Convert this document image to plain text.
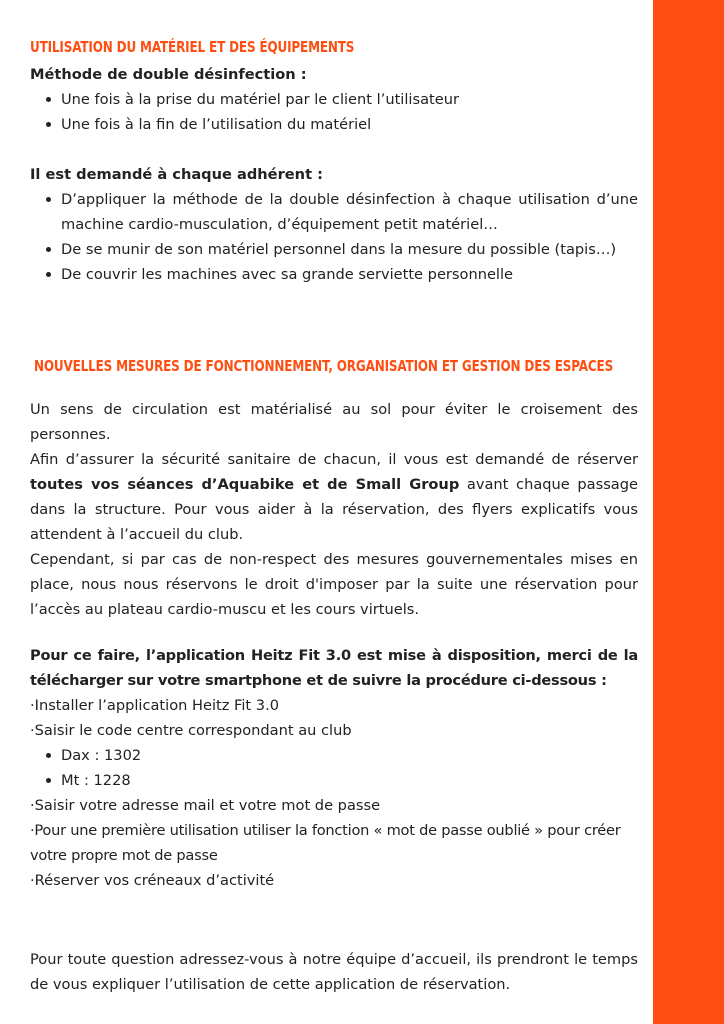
UTILISATION DU MATÉRIEL ET DES ÉQUIPEMENTS
Méthode de double désinfection :
Une fois à la prise du matériel par le client l’utilisateur
Une fois à la fin de l’utilisation du matériel
Il est demandé à chaque adhérent :
D’appliquer la méthode de la double désinfection à chaque utilisation d’une machine cardio-musculation, d’équipement petit matériel…
De se munir de son matériel personnel dans la mesure du possible (tapis…)
De couvrir les machines avec sa grande serviette personnelle
NOUVELLES MESURES DE FONCTIONNEMENT, ORGANISATION ET GESTION DES ESPACES

Un sens de circulation est matérialisé au sol pour éviter le croisement des personnes.

Afin d’assurer la sécurité sanitaire de chacun, il vous est demandé de réserver toutes vos séances d’Aquabike et de Small Group avant chaque passage dans la structure. Pour vous aider à la réservation, des flyers explicatifs vous attendent à l’accueil du club.

Cependant, si par cas de non-respect des mesures gouvernementales mises en place, nous nous réservons le droit d'imposer par la suite une réservation pour l’accès au plateau cardio-muscu et les cours virtuels.

Pour ce faire, l’application Heitz Fit 3.0 est mise à disposition, merci de la télécharger sur votre smartphone et de suivre la procédure ci-dessous :

·Installer l’application Heitz Fit 3.0

·Saisir le code centre correspondant au club

Dax : 1302
Mt : 1228

·Saisir votre adresse mail et votre mot de passe

·Pour une première utilisation utiliser la fonction « mot de passe oublié » pour créer votre propre mot de passe

·Réserver vos créneaux d’activité

Pour toute question adressez-vous à notre équipe d’accueil, ils prendront le temps de vous expliquer l’utilisation de cette application de réservation.
